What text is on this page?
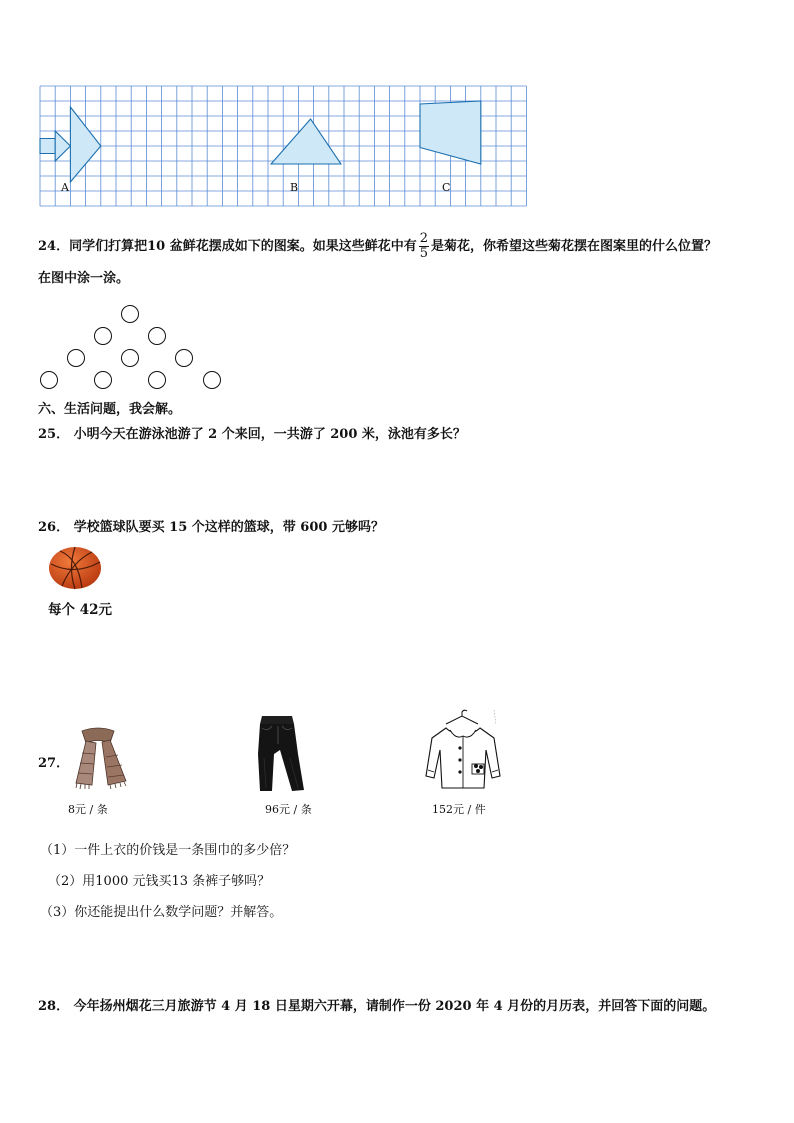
A	B	C
24．同学们打算把10 盆鲜花摆成如下的图案。如果这些鲜花中有 $\frac{2}{5}$ 是菊花，你希望这些菊花摆在图案里的什么位置？
在图中涂一涂。
六、生活问题，我会解。
25． 小明今天在游泳池游了 2 个来回，一共游了 200 米，泳池有多长？
26． 学校篮球队要买 15 个这样的篮球，带 600 元够吗？
每个 42元
27．
8元 / 条	96元 / 条	152元 / 件
（1）一件上衣的价钱是一条围巾的多少倍？
（2）用1000 元钱买13 条裤子够吗？
（3）你还能提出什么数学问题？并解答。
28． 今年扬州烟花三月旅游节 4 月 18 日星期六开幕，请制作一份 2020 年 4 月份的月历表，并回答下面的问题。
